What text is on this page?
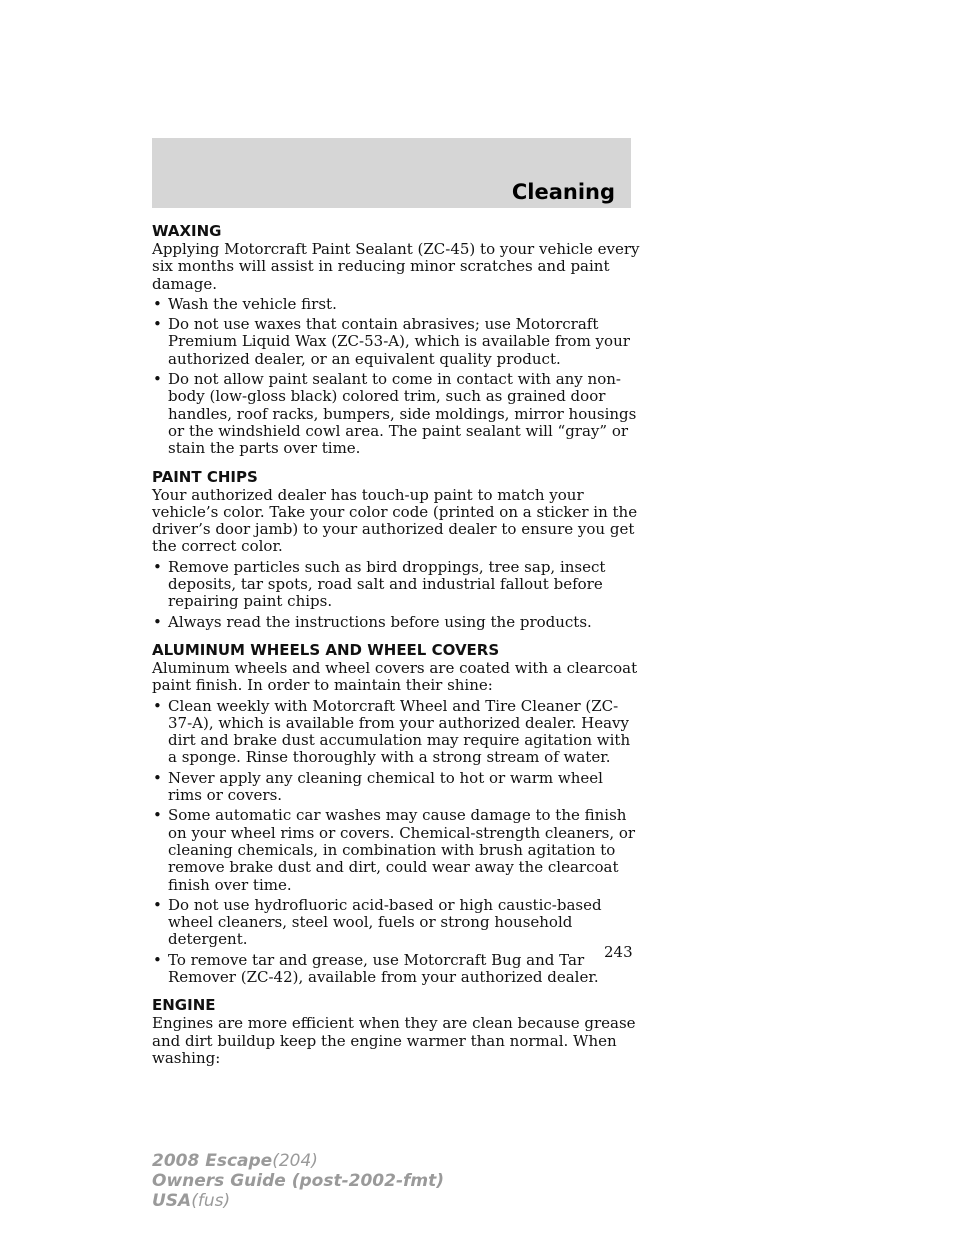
Cleaning
WAXING

Applying Motorcraft Paint Sealant (ZC-45) to your vehicle every six months will assist in reducing minor scratches and paint damage.

• Wash the vehicle first.
• Do not use waxes that contain abrasives; use Motorcraft Premium Liquid Wax (ZC-53-A), which is available from your authorized dealer, or an equivalent quality product.
• Do not allow paint sealant to come in contact with any non-body (low-gloss black) colored trim, such as grained door handles, roof racks, bumpers, side moldings, mirror housings or the windshield cowl area. The paint sealant will “gray” or stain the parts over time.
PAINT CHIPS

Your authorized dealer has touch-up paint to match your vehicle’s color. Take your color code (printed on a sticker in the driver’s door jamb) to your authorized dealer to ensure you get the correct color.

• Remove particles such as bird droppings, tree sap, insect deposits, tar spots, road salt and industrial fallout before repairing paint chips.
• Always read the instructions before using the products.
ALUMINUM WHEELS AND WHEEL COVERS

Aluminum wheels and wheel covers are coated with a clearcoat paint finish. In order to maintain their shine:

• Clean weekly with Motorcraft Wheel and Tire Cleaner (ZC-37-A), which is available from your authorized dealer. Heavy dirt and brake dust accumulation may require agitation with a sponge. Rinse thoroughly with a strong stream of water.
• Never apply any cleaning chemical to hot or warm wheel rims or covers.
• Some automatic car washes may cause damage to the finish on your wheel rims or covers. Chemical-strength cleaners, or cleaning chemicals, in combination with brush agitation to remove brake dust and dirt, could wear away the clearcoat finish over time.
• Do not use hydrofluoric acid-based or high caustic-based wheel cleaners, steel wool, fuels or strong household detergent.
• To remove tar and grease, use Motorcraft Bug and Tar Remover (ZC-42), available from your authorized dealer.
ENGINE

Engines are more efficient when they are clean because grease and dirt buildup keep the engine warmer than normal. When washing:

243
2008 Escape(204)
Owners Guide (post-2002-fmt)
USA(fus)
